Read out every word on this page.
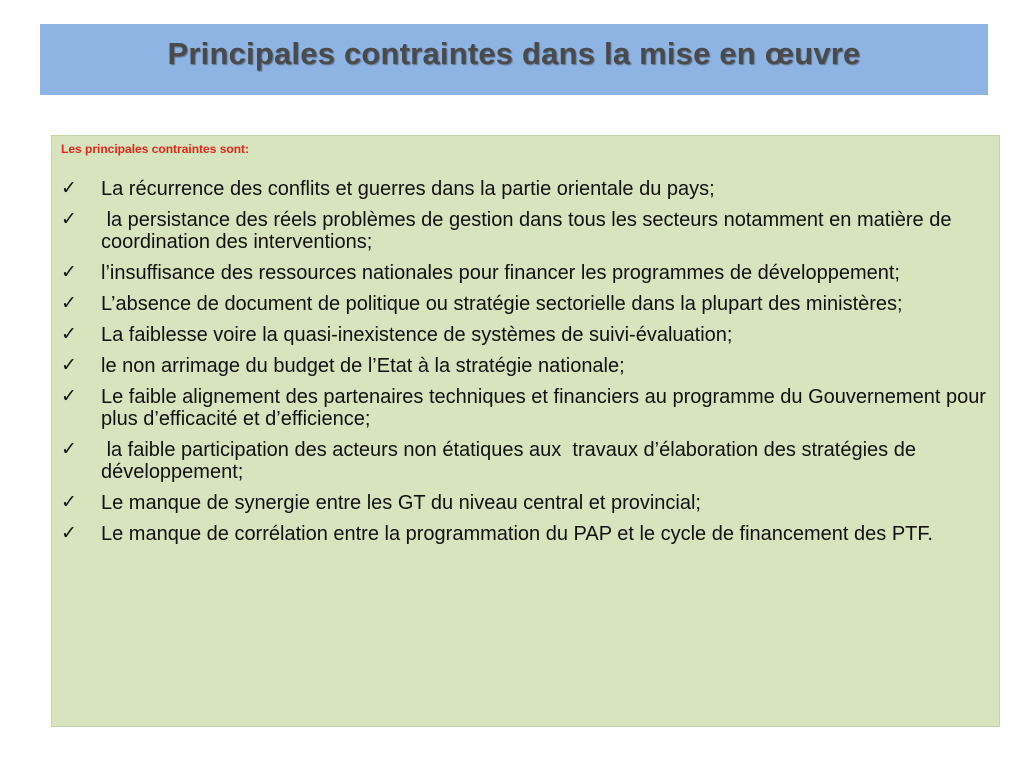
Principales contraintes dans la mise en œuvre

Les principales contraintes sont:

✓	La récurrence des conflits et guerres dans la partie orientale du pays;
✓	la persistance des réels problèmes de gestion dans tous les secteurs notamment en matière de coordination des interventions;
✓	l’insuffisance des ressources nationales pour financer les programmes de développement;
✓	L’absence de document de politique ou stratégie sectorielle dans la plupart des ministères;
✓	La faiblesse voire la quasi-inexistence de systèmes de suivi-évaluation;
✓	le non arrimage du budget de l’Etat à la stratégie nationale;
✓	Le faible alignement des partenaires techniques et financiers au programme du Gouvernement pour plus d’efficacité et d’efficience;
✓	la faible participation des acteurs non étatiques aux  travaux d’élaboration des stratégies de développement;
✓	Le manque de synergie entre les GT du niveau central et provincial;
✓	Le manque de corrélation entre la programmation du PAP et le cycle de financement des PTF.
